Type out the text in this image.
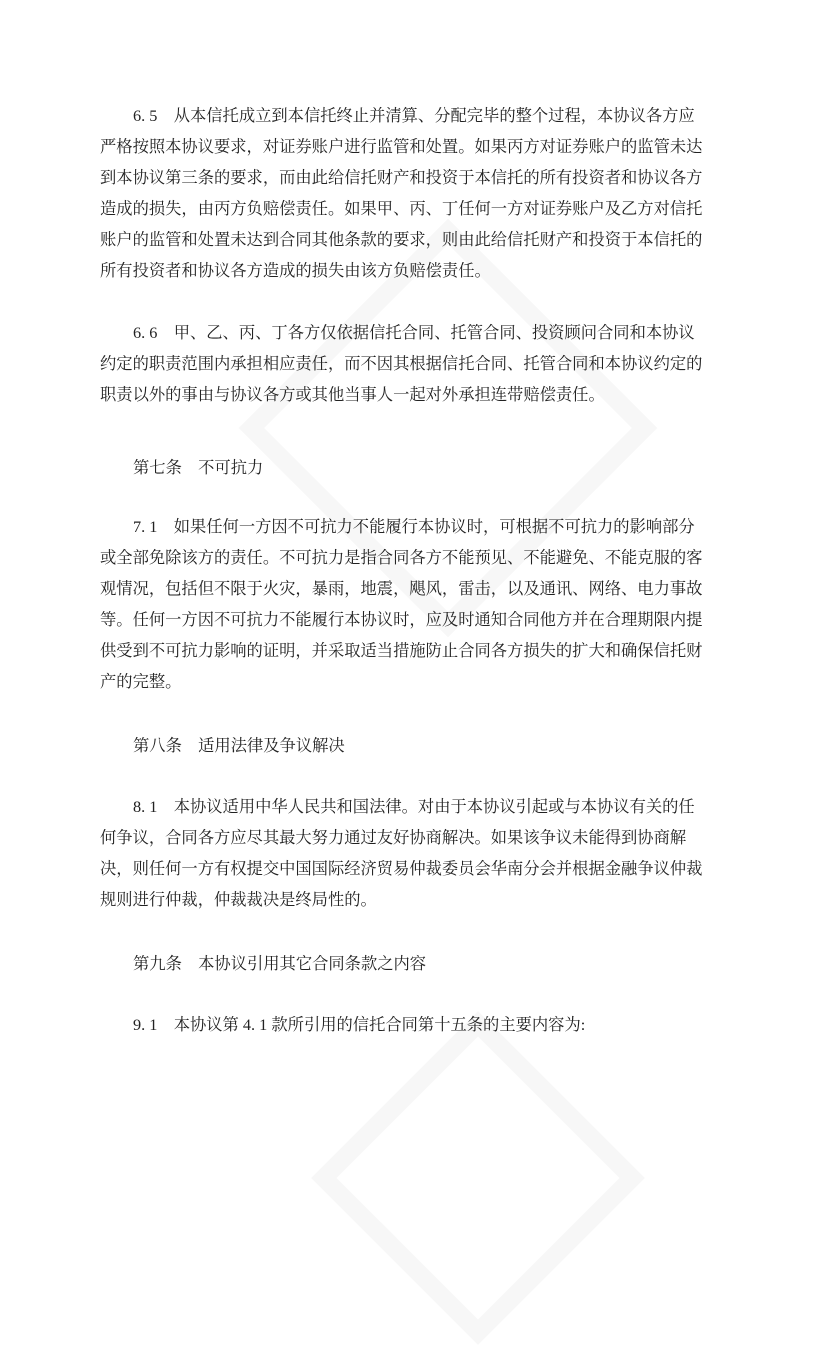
6. 5　从本信托成立到本信托终止并清算、分配完毕的整个过程，本协议各方应
严格按照本协议要求，对证券账户进行监管和处置。如果丙方对证券账户的监管未达
到本协议第三条的要求，而由此给信托财产和投资于本信托的所有投资者和协议各方
造成的损失，由丙方负赔偿责任。如果甲、丙、丁任何一方对证券账户及乙方对信托
账户的监管和处置未达到合同其他条款的要求，则由此给信托财产和投资于本信托的
所有投资者和协议各方造成的损失由该方负赔偿责任。
6. 6　甲、乙、丙、丁各方仅依据信托合同、托管合同、投资顾问合同和本协议
约定的职责范围内承担相应责任，而不因其根据信托合同、托管合同和本协议约定的
职责以外的事由与协议各方或其他当事人一起对外承担连带赔偿责任。
第七条　不可抗力
7. 1　如果任何一方因不可抗力不能履行本协议时，可根据不可抗力的影响部分
或全部免除该方的责任。不可抗力是指合同各方不能预见、不能避免、不能克服的客
观情况，包括但不限于火灾，暴雨，地震，飓风，雷击，以及通讯、网络、电力事故
等。任何一方因不可抗力不能履行本协议时，应及时通知合同他方并在合理期限内提
供受到不可抗力影响的证明，并采取适当措施防止合同各方损失的扩大和确保信托财
产的完整。
第八条　适用法律及争议解决
8. 1　本协议适用中华人民共和国法律。对由于本协议引起或与本协议有关的任
何争议，合同各方应尽其最大努力通过友好协商解决。如果该争议未能得到协商解
决，则任何一方有权提交中国国际经济贸易仲裁委员会华南分会并根据金融争议仲裁
规则进行仲裁，仲裁裁决是终局性的。
第九条　本协议引用其它合同条款之内容
9. 1　本协议第 4. 1 款所引用的信托合同第十五条的主要内容为:
